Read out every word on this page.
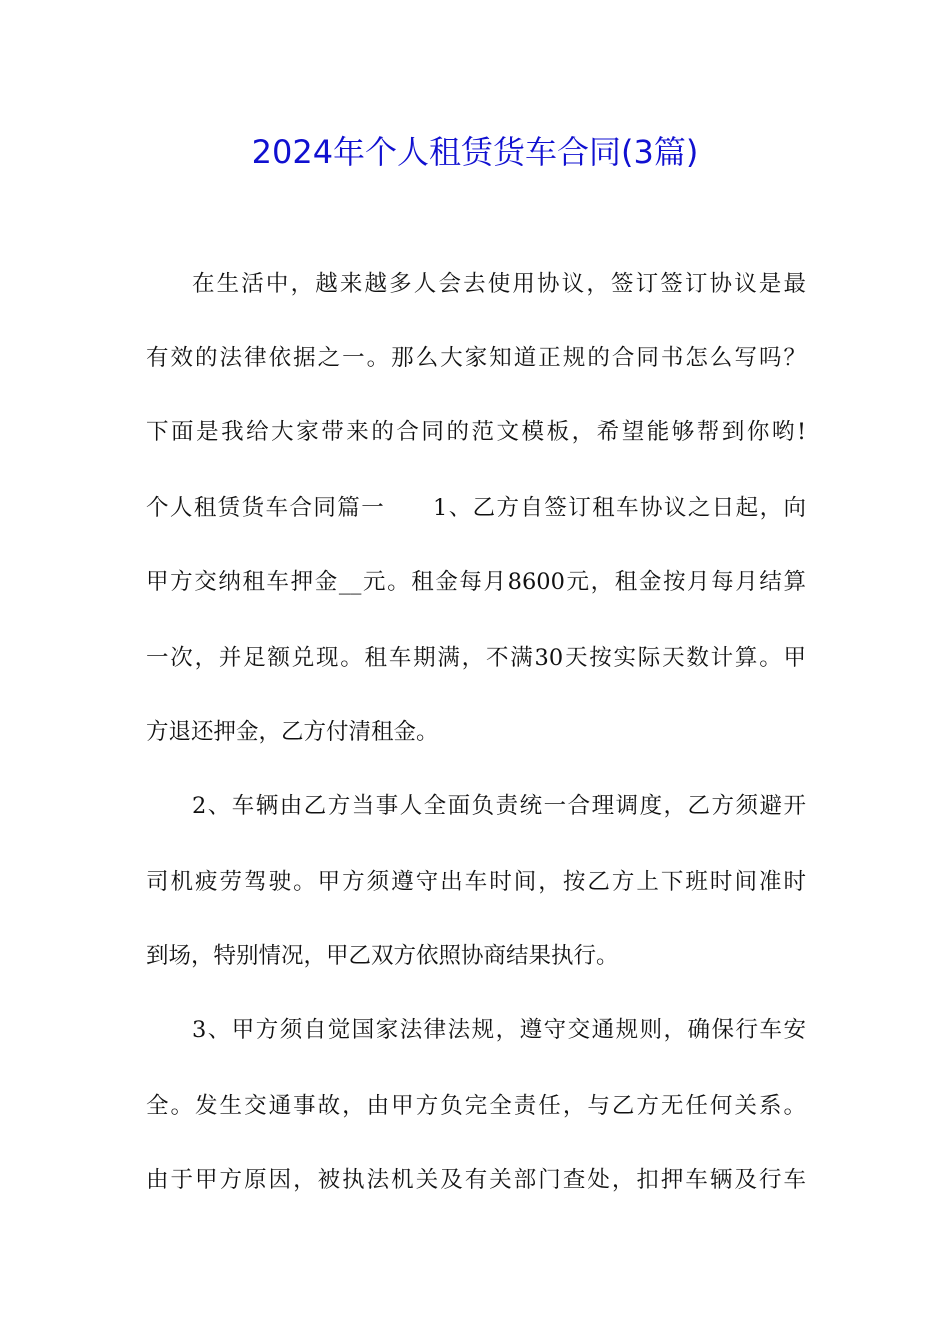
2024年个人租赁货车合同(3篇)
在生活中，越来越多人会去使用协议，签订签订协议是最
有效的法律依据之一。那么大家知道正规的合同书怎么写吗？
下面是我给大家带来的合同的范文模板，希望能够帮到你哟!
个人租赁货车合同篇一　　1、乙方自签订租车协议之日起，向
甲方交纳租车押金__元。租金每月8600元，租金按月每月结算
一次，并足额兑现。租车期满，不满30天按实际天数计算。甲
方退还押金，乙方付清租金。
2、车辆由乙方当事人全面负责统一合理调度，乙方须避开
司机疲劳驾驶。甲方须遵守出车时间，按乙方上下班时间准时
到场，特别情况，甲乙双方依照协商结果执行。
3、甲方须自觉国家法律法规，遵守交通规则，确保行车安
全。发生交通事故，由甲方负完全责任，与乙方无任何关系。
由于甲方原因，被执法机关及有关部门查处，扣押车辆及行车
